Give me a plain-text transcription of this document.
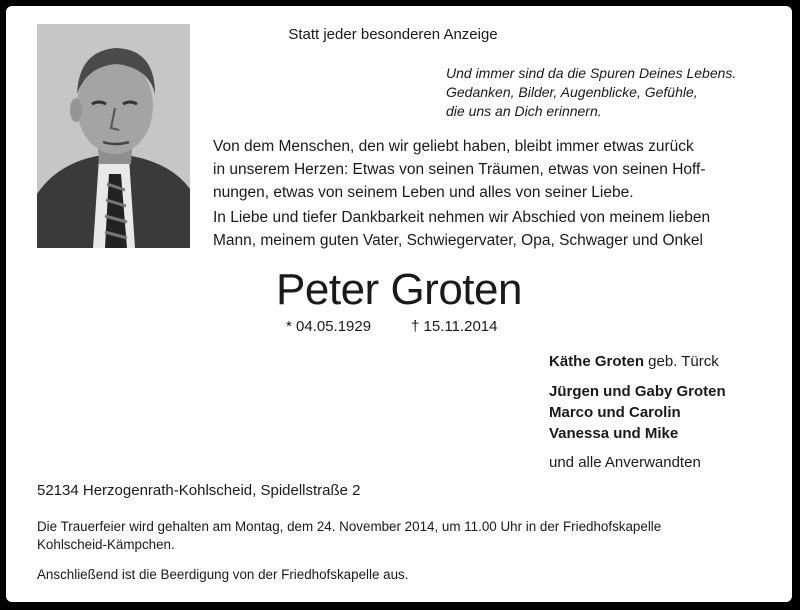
Statt jeder besonderen Anzeige
Und immer sind da die Spuren Deines Lebens.
Gedanken, Bilder, Augenblicke, Gefühle,
die uns an Dich erinnern.

Von dem Menschen, den wir geliebt haben, bleibt immer etwas zurück

in unserem Herzen: Etwas von seinen Träumen, etwas von seinen Hoff-

nungen, etwas von seinem Leben und alles von seiner Liebe.

In Liebe und tiefer Dankbarkeit nehmen wir Abschied von meinem lieben

Mann, meinem guten Vater, Schwiegervater, Opa, Schwager und Onkel

Peter Groten
* 04.05.1929	† 15.11.2014
Käthe Groten geb. Türck
Jürgen und Gaby Groten
Marco und Carolin
Vanessa und Mike
und alle Anverwandten
52134 Herzogenrath-Kohlscheid, Spidellstraße 2

Die Trauerfeier wird gehalten am Montag, dem 24. November 2014, um 11.00 Uhr in der Friedhofskapelle

Kohlscheid-Kämpchen.

Anschließend ist die Beerdigung von der Friedhofskapelle aus.
